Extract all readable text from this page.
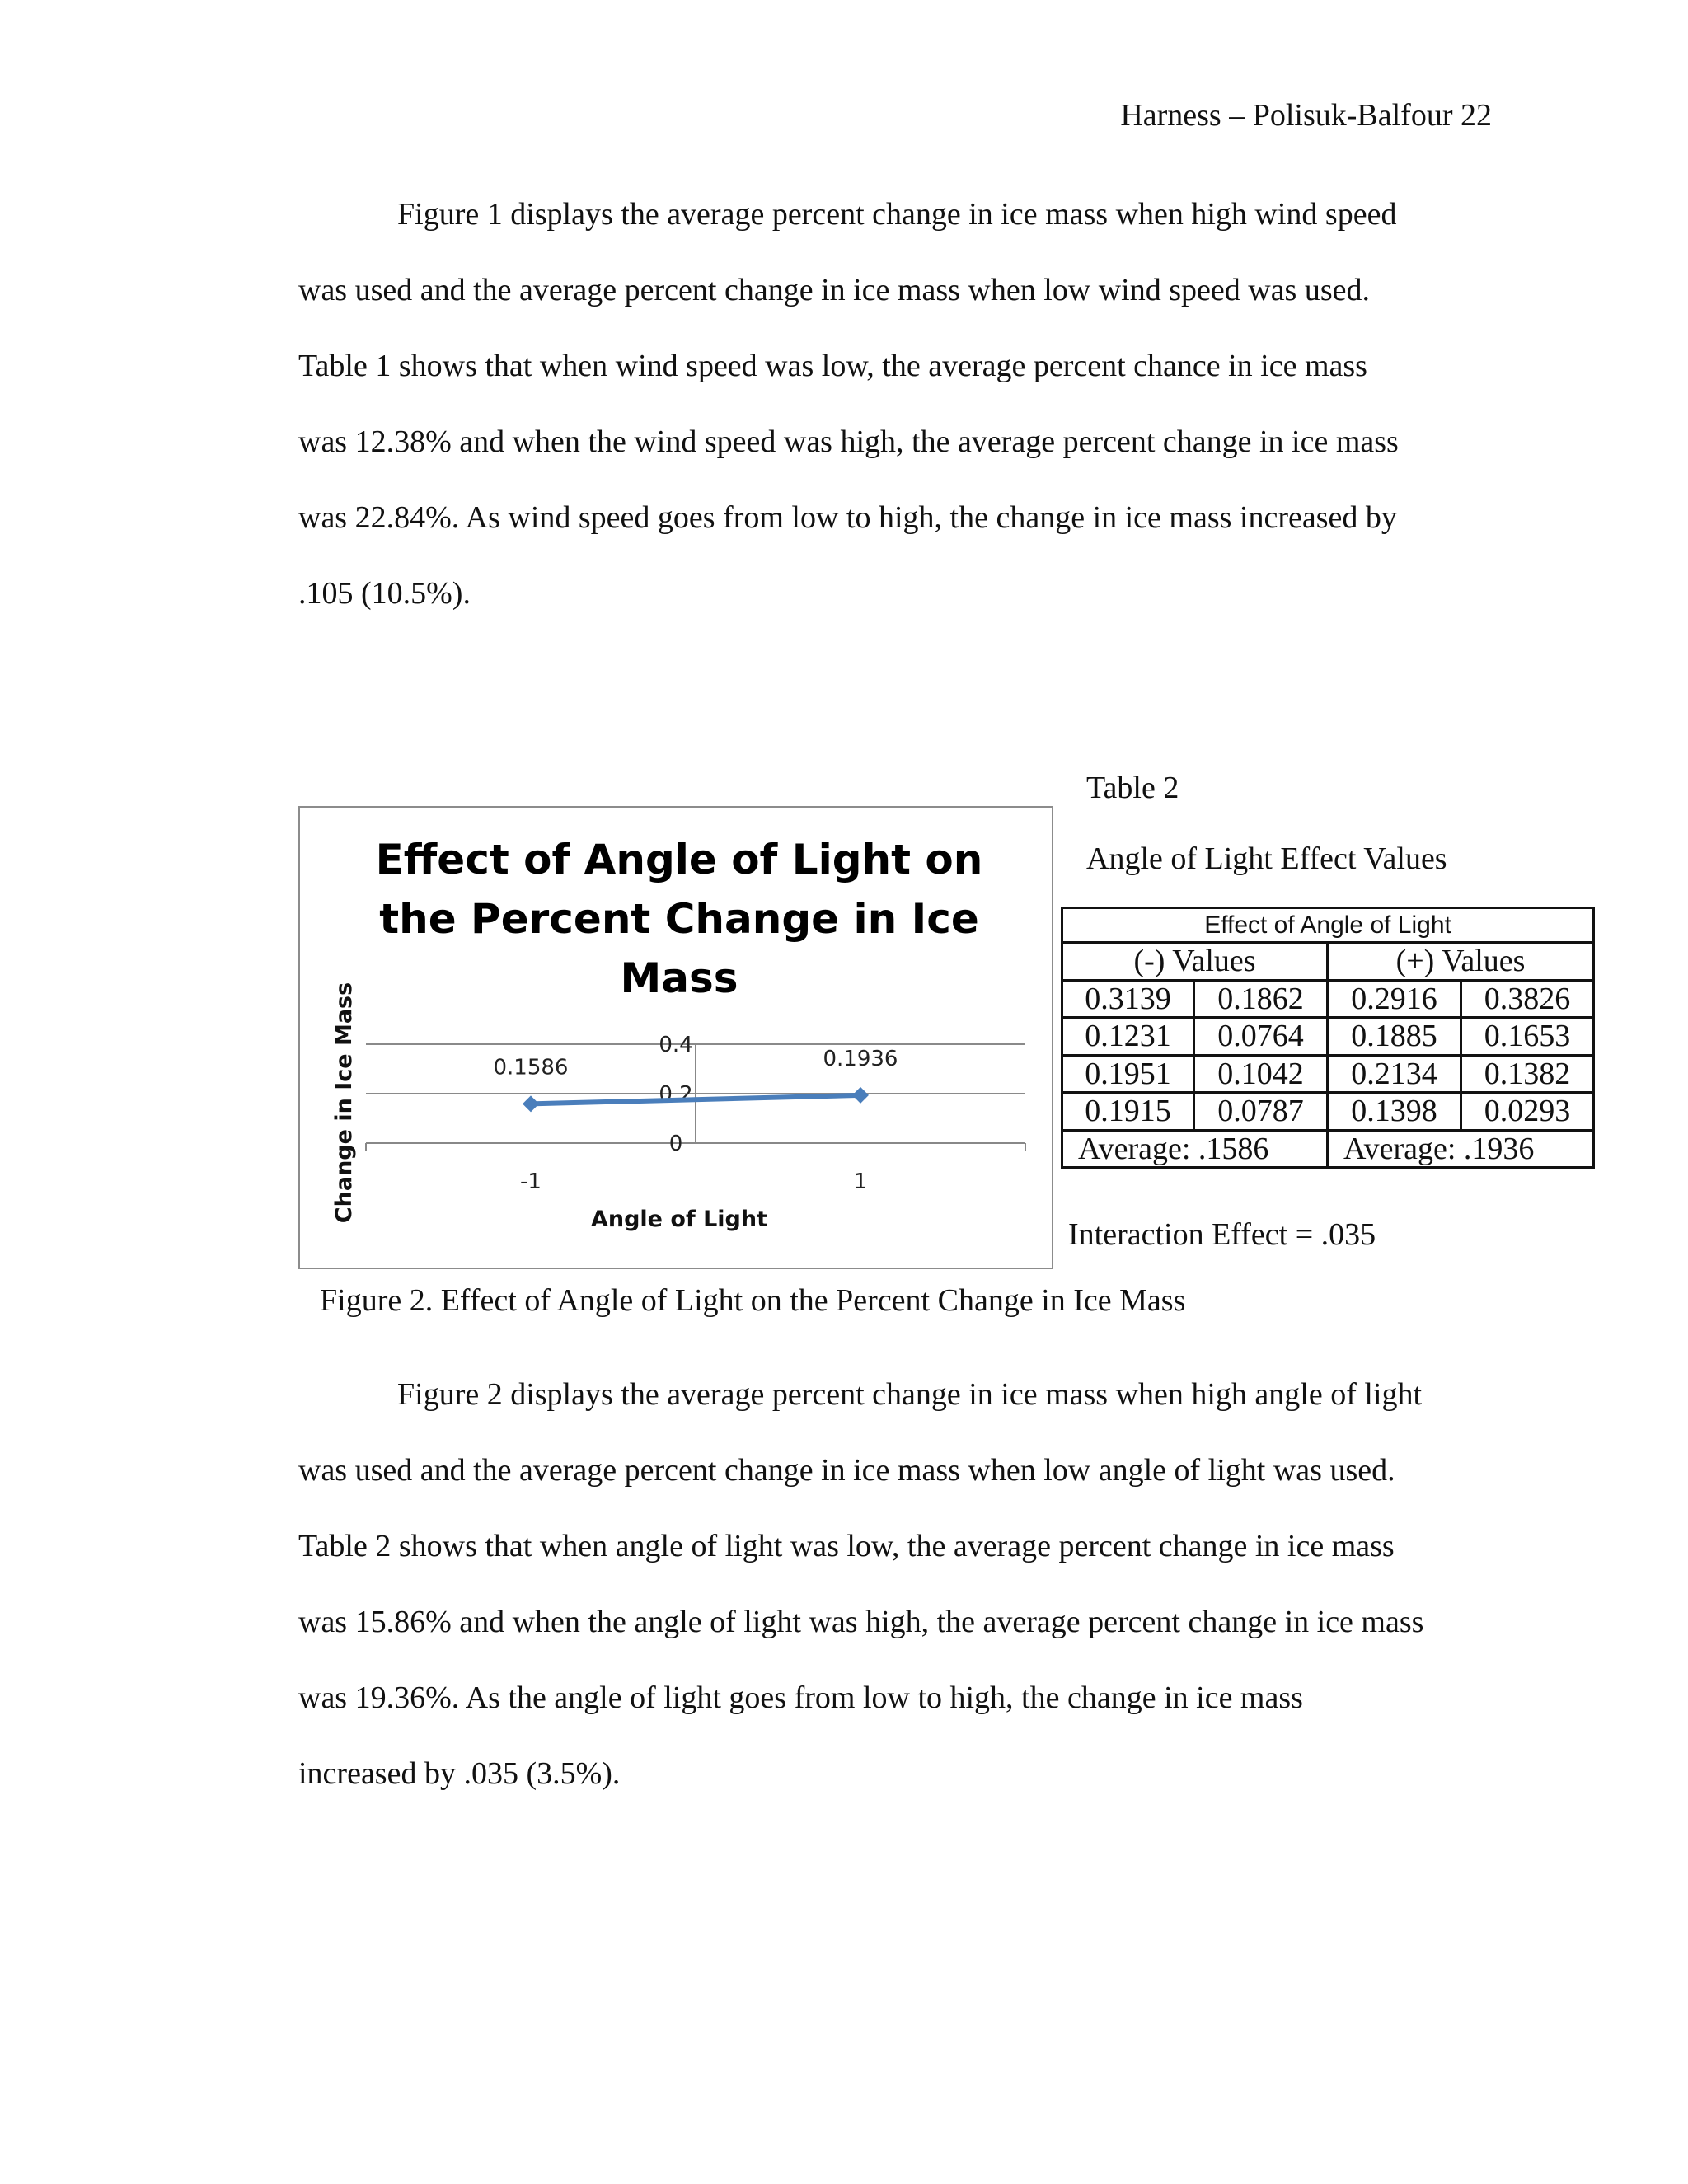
Harness – Polisuk-Balfour 22
Figure 1 displays the average percent change in ice mass when high wind speed
was used and the average percent change in ice mass when low wind speed was used.
Table 1 shows that when wind speed was low, the average percent chance in ice mass
was 12.38% and when the wind speed was high, the average percent change in ice mass
was 22.84%. As wind speed goes from low to high, the change in ice mass increased by
.105 (10.5%).
Table 2
Angle of Light Effect Values
Effect of Angle of Light on
the Percent Change in Ice
Mass
0
0.2
0.4
-1	1
Angle of Light
Change in Ice Mass	0.1586	0.1936
Figure 2. Effect of Angle of Light on the Percent Change in Ice Mass
Effect of Angle of Light			
(-) Values		(+) Values	
0.3139	0.1862	0.2916	0.3826
0.1231	0.0764	0.1885	0.1653
0.1951	0.1042	0.2134	0.1382
0.1915	0.0787	0.1398	0.0293
Average: .1586		Average: .1936	
Interaction Effect = .035
Figure 2 displays the average percent change in ice mass when high angle of light
was used and the average percent change in ice mass when low angle of light was used.
Table 2 shows that when angle of light was low, the average percent change in ice mass
was 15.86% and when the angle of light was high, the average percent change in ice mass
was 19.36%. As the angle of light goes from low to high, the change in ice mass
increased by .035 (3.5%).
